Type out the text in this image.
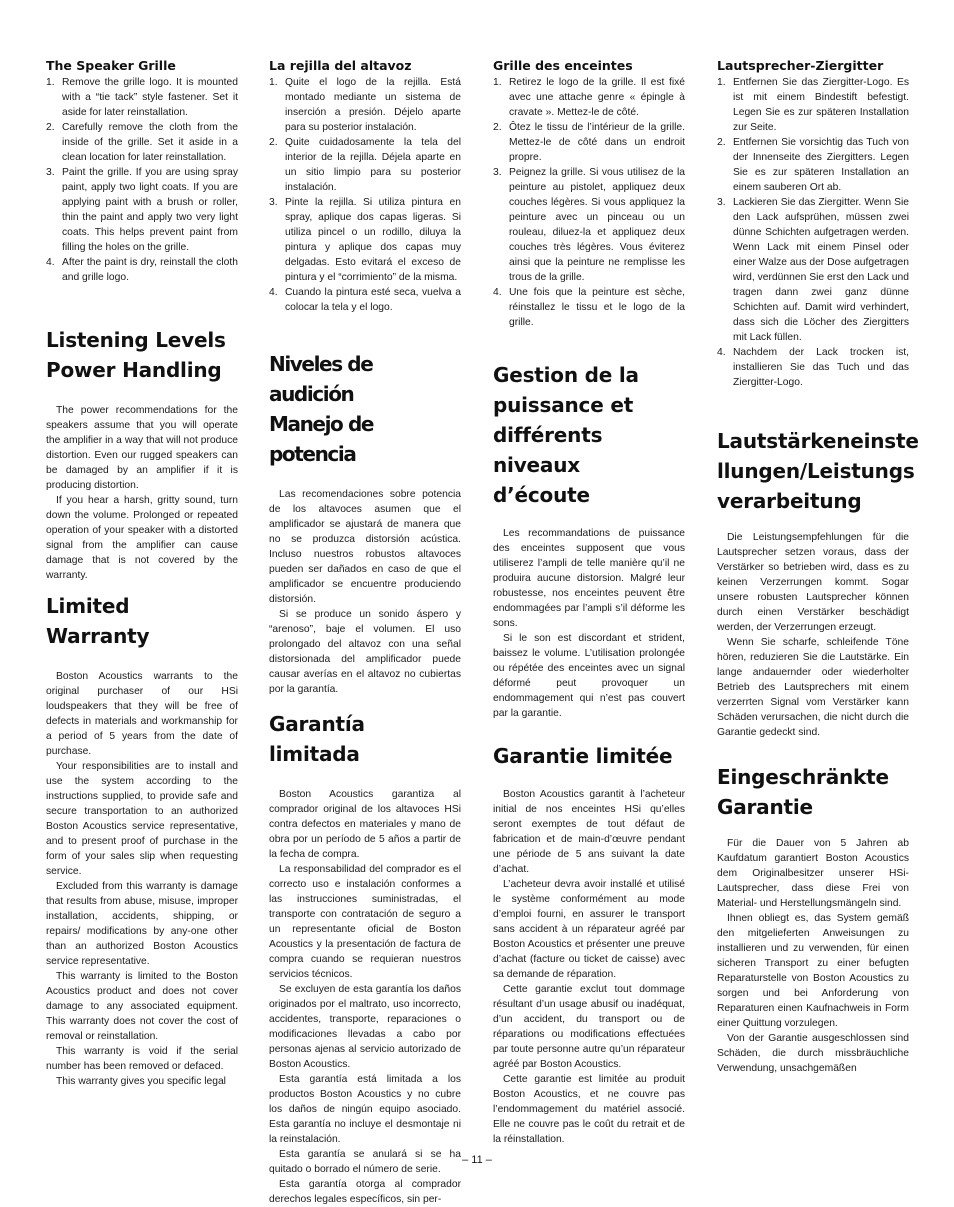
The Speaker Grille
1. Remove the grille logo. It is mounted with a “tie tack” style fastener. Set it aside for later reinstallation.
2. Carefully remove the cloth from the inside of the grille. Set it aside in a clean location for later reinstallation.
3. Paint the grille. If you are using spray paint, apply two light coats. If you are applying paint with a brush or roller, thin the paint and apply two very light coats. This helps prevent paint from filling the holes on the grille.
4. After the paint is dry, reinstall the cloth and grille logo.
Listening Levels
Power Handling

The power recommendations for the speakers assume that you will operate the amplifier in a way that will not produce distortion. Even our rugged speakers can be damaged by an amplifier if it is producing distortion.

If you hear a harsh, gritty sound, turn down the volume. Prolonged or repeated operation of your speaker with a distorted signal from the amplifier can cause damage that is not covered by the warranty.

Limited Warranty

Boston Acoustics warrants to the original purchaser of our HSi loudspeakers that they will be free of defects in materials and workmanship for a period of 5 years from the date of purchase.

Your responsibilities are to install and use the system according to the instructions supplied, to provide safe and secure transportation to an authorized Boston Acoustics service representative, and to present proof of purchase in the form of your sales slip when requesting service.

Excluded from this warranty is damage that results from abuse, misuse, improper installation, accidents, shipping, or repairs/ modifications by any-one other than an authorized Boston Acoustics service representative.

This warranty is limited to the Boston Acoustics product and does not cover damage to any associated equipment. This warranty does not cover the cost of removal or reinstallation.

This warranty is void if the serial number has been removed or defaced.

This warranty gives you specific legal

La rejilla del altavoz
1. Quite el logo de la rejilla. Está montado mediante un sistema de inserción a presión. Déjelo aparte para su posterior instalación.
2. Quite cuidadosamente la tela del interior de la rejilla. Déjela aparte en un sitio limpio para su posterior instalación.
3. Pinte la rejilla. Si utiliza pintura en spray, aplique dos capas ligeras. Si utiliza pincel o un rodillo, diluya la pintura y aplique dos capas muy delgadas. Esto evitará el exceso de pintura y el “corrimiento” de la misma.
4. Cuando la pintura esté seca, vuelva a colocar la tela y el logo.
Niveles de audición
Manejo de potencia

Las recomendaciones sobre potencia de los altavoces asumen que el amplificador se ajustará de manera que no se produzca distorsión acústica. Incluso nuestros robustos altavoces pueden ser dañados en caso de que el amplificador se encuentre produciendo distorsión.

Si se produce un sonido áspero y “arenoso”, baje el volumen. El uso prolongado del altavoz con una señal distorsionada del amplificador puede causar averías en el altavoz no cubiertas por la garantía.

Garantía limitada

Boston Acoustics garantiza al comprador original de los altavoces HSi contra defectos en materiales y mano de obra por un período de 5 años a partir de la fecha de compra.

La responsabilidad del comprador es el correcto uso e instalación conformes a las instrucciones suministradas, el transporte con contratación de seguro a un representante oficial de Boston Acoustics y la presentación de factura de compra cuando se requieran nuestros servicios técnicos.

Se excluyen de esta garantía los daños originados por el maltrato, uso incorrecto, accidentes, transporte, reparaciones o modificaciones llevadas a cabo por personas ajenas al servicio autorizado de Boston Acoustics.

Esta garantía está limitada a los productos Boston Acoustics y no cubre los daños de ningún equipo asociado. Esta garantía no incluye el desmontaje ni la reinstalación.

Esta garantía se anulará si se ha quitado o borrado el número de serie.

Esta garantía otorga al comprador derechos legales específicos, sin per-

Grille des enceintes
1. Retirez le logo de la grille. Il est fixé avec une attache genre « épingle à cravate ». Mettez-le de côté.
2. Ôtez le tissu de l’intérieur de la grille. Mettez-le de côté dans un endroit propre.
3. Peignez la grille. Si vous utilisez de la peinture au pistolet, appliquez deux couches légères. Si vous appliquez la peinture avec un pinceau ou un rouleau, diluez-la et appliquez deux couches très légères. Vous éviterez ainsi que la peinture ne remplisse les trous de la grille.
4. Une fois que la peinture est sèche, réinstallez le tissu et le logo de la grille.
Gestion de la
puissance et
différents niveaux
d’écoute

Les recommandations de puissance des enceintes supposent que vous utiliserez l’ampli de telle manière qu’il ne produira aucune distorsion. Malgré leur robustesse, nos enceintes peuvent être endommagées par l’ampli s’il déforme les sons.

Si le son est discordant et strident, baissez le volume. L’utilisation prolongée ou répétée des enceintes avec un signal déformé peut provoquer un endommagement qui n’est pas couvert par la garantie.

Garantie limitée

Boston Acoustics garantit à l’acheteur initial de nos enceintes HSi qu’elles seront exemptes de tout défaut de fabrication et de main-d’œuvre pendant une période de 5 ans suivant la date d’achat.

L’acheteur devra avoir installé et utilisé le système conformément au mode d’emploi fourni, en assurer le transport sans accident à un réparateur agréé par Boston Acoustics et présenter une preuve d’achat (facture ou ticket de caisse) avec sa demande de réparation.

Cette garantie exclut tout dommage résultant d’un usage abusif ou inadéquat, d’un accident, du transport ou de réparations ou modifications effectuées par toute personne autre qu’un réparateur agréé par Boston Acoustics.

Cette garantie est limitée au produit Boston Acoustics, et ne couvre pas l’endommagement du matériel associé. Elle ne couvre pas le coût du retrait et de la réinstallation.

Lautsprecher-Ziergitter
1. Entfernen Sie das Ziergitter-Logo. Es ist mit einem Bindestift befestigt. Legen Sie es zur späteren Installation zur Seite.
2. Entfernen Sie vorsichtig das Tuch von der Innenseite des Ziergitters. Legen Sie es zur späteren Installation an einem sauberen Ort ab.
3. Lackieren Sie das Ziergitter. Wenn Sie den Lack aufsprühen, müssen zwei dünne Schichten aufgetragen werden. Wenn Lack mit einem Pinsel oder einer Walze aus der Dose aufgetragen wird, verdünnen Sie erst den Lack und tragen dann zwei ganz dünne Schichten auf. Damit wird verhindert, dass sich die Löcher des Ziergitters mit Lack füllen.
4. Nachdem der Lack trocken ist, installieren Sie das Tuch und das Ziergitter-Logo.
Lautstärkeneinste
llungen/Leistungs
verarbeitung

Die Leistungsempfehlungen für die Lautsprecher setzen voraus, dass der Verstärker so betrieben wird, dass es zu keinen Verzerrungen kommt. Sogar unsere robusten Lautsprecher können durch einen Verstärker beschädigt werden, der Verzerrungen erzeugt.

Wenn Sie scharfe, schleifende Töne hören, reduzieren Sie die Lautstärke. Ein lange andauernder oder wiederholter Betrieb des Lautsprechers mit einem verzerrten Signal vom Verstärker kann Schäden verursachen, die nicht durch die Garantie gedeckt sind.

Eingeschränkte
Garantie

Für die Dauer von 5 Jahren ab Kaufdatum garantiert Boston Acoustics dem Originalbesitzer unserer HSi-Lautsprecher, dass diese Frei von Material- und Herstellungsmängeln sind.

Ihnen obliegt es, das System gemäß den mitgelieferten Anweisungen zu installieren und zu verwenden, für einen sicheren Transport zu einer befugten Reparaturstelle von Boston Acoustics zu sorgen und bei Anforderung von Reparaturen einen Kaufnachweis in Form einer Quittung vorzulegen.

Von der Garantie ausgeschlossen sind Schäden, die durch missbräuchliche Verwendung, unsachgemäßen

– 11 –
